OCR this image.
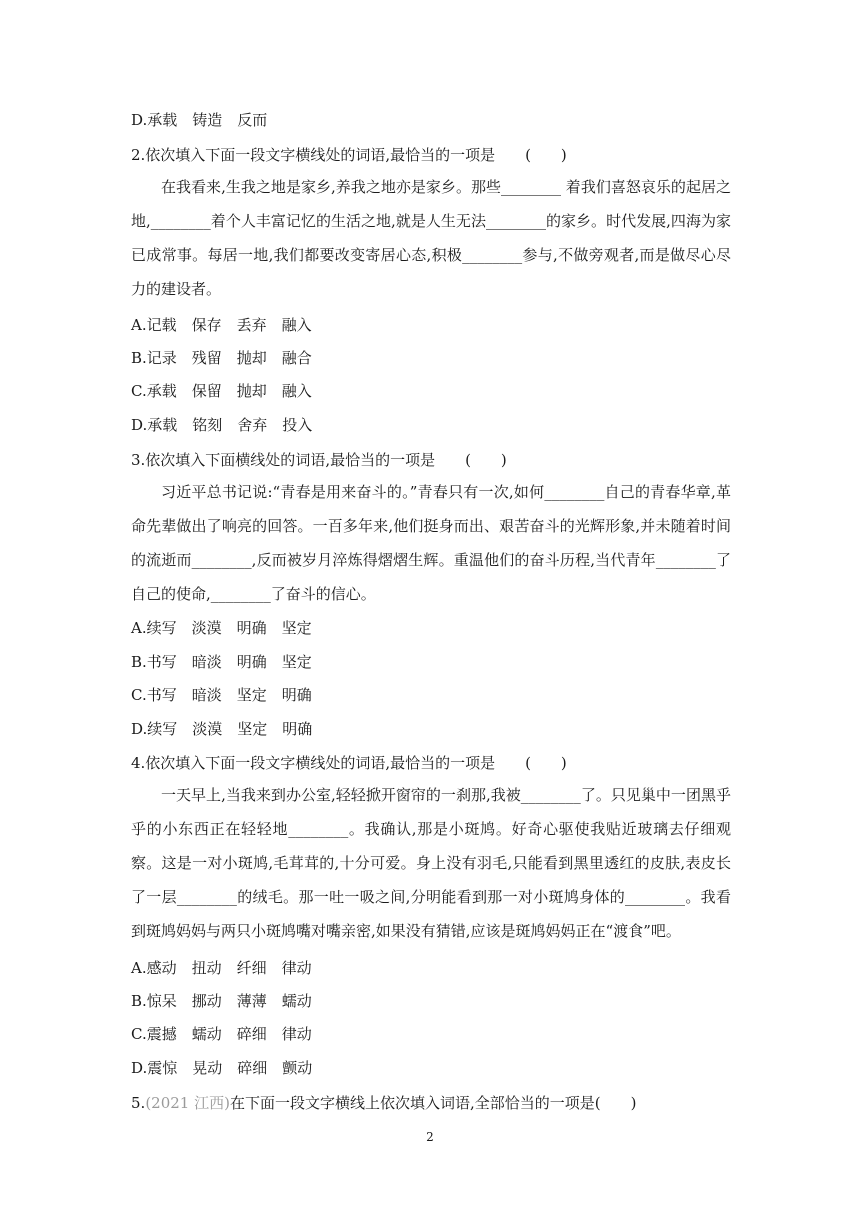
D.承载　铸造　反而
2.依次填入下面一段文字横线处的词语,最恰当的一项是　　(　　)

在我看来,生我之地是家乡,养我之地亦是家乡。那些________ 着我们喜怒哀乐的起居之地,________着个人丰富记忆的生活之地,就是人生无法________的家乡。时代发展,四海为家已成常事。每居一地,我们都要改变寄居心态,积极________参与,不做旁观者,而是做尽心尽力的建设者。

A.记载　保存　丢弃　融入
B.记录　残留　抛却　融合
C.承载　保留　抛却　融入
D.承载　铭刻　舍弃　投入
3.依次填入下面横线处的词语,最恰当的一项是　　(　　)

习近平总书记说:“青春是用来奋斗的。”青春只有一次,如何________自己的青春华章,革命先辈做出了响亮的回答。一百多年来,他们挺身而出、艰苦奋斗的光辉形象,并未随着时间的流逝而________,反而被岁月淬炼得熠熠生辉。重温他们的奋斗历程,当代青年________了自己的使命,________了奋斗的信心。

A.续写　淡漠　明确　坚定
B.书写　暗淡　明确　坚定
C.书写　暗淡　坚定　明确
D.续写　淡漠　坚定　明确
4.依次填入下面一段文字横线处的词语,最恰当的一项是　　(　　)

一天早上,当我来到办公室,轻轻掀开窗帘的一刹那,我被________了。只见巢中一团黑乎乎的小东西正在轻轻地________。我确认,那是小斑鸠。好奇心驱使我贴近玻璃去仔细观察。这是一对小斑鸠,毛茸茸的,十分可爱。身上没有羽毛,只能看到黑里透红的皮肤,表皮长了一层________的绒毛。那一吐一吸之间,分明能看到那一对小斑鸠身体的________。我看到斑鸠妈妈与两只小斑鸠嘴对嘴亲密,如果没有猜错,应该是斑鸠妈妈正在“渡食”吧。

A.感动　扭动　纤细　律动
B.惊呆　挪动　薄薄　蠕动
C.震撼　蠕动　碎细　律动
D.震惊　晃动　碎细　颤动
5.(2021 江西)在下面一段文字横线上依次填入词语,全部恰当的一项是(　　)
2
